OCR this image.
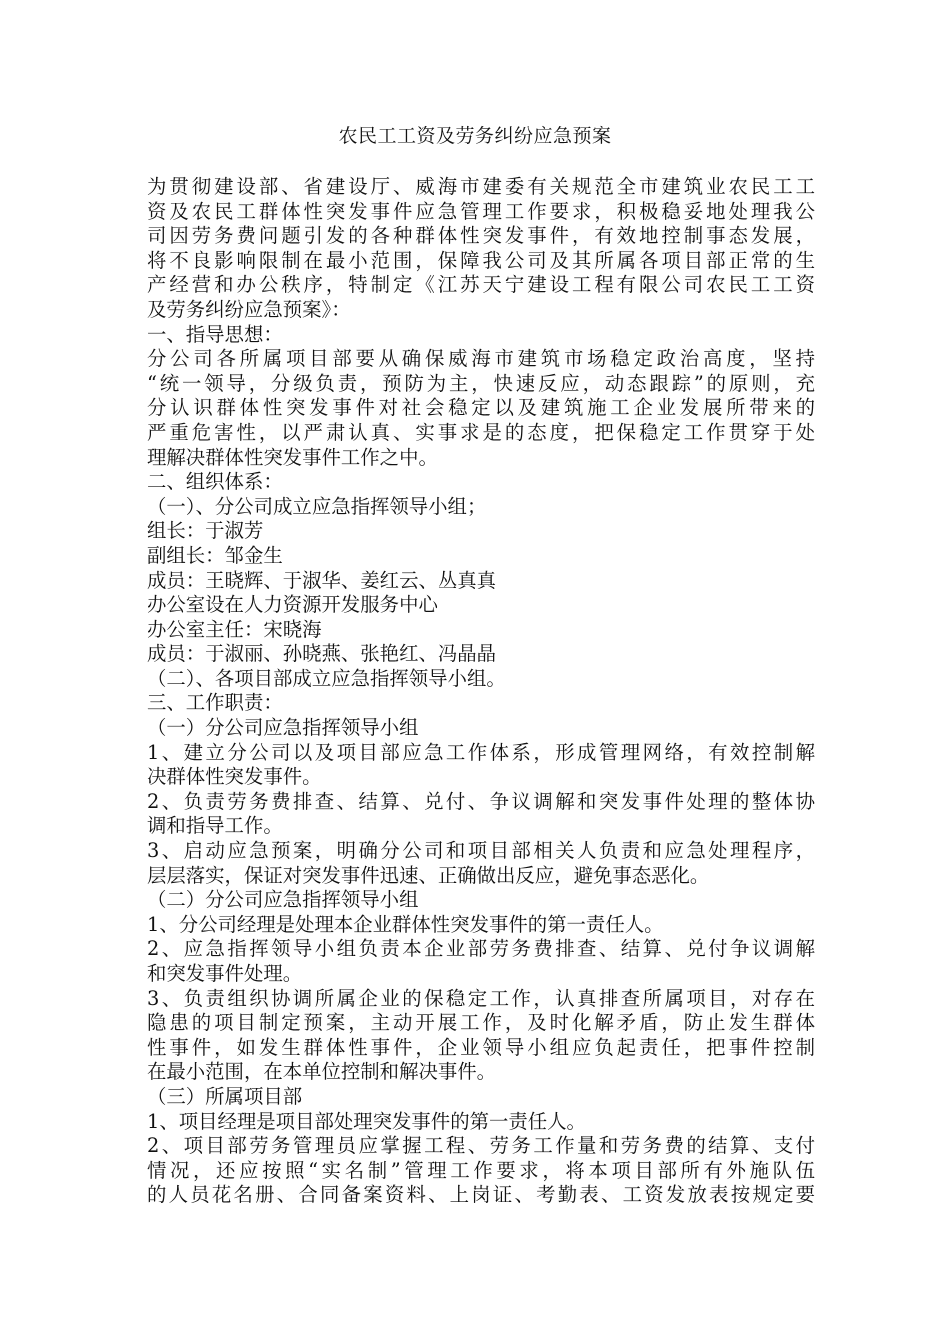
农民工工资及劳务纠纷应急预案
为贯彻建设部、省建设厅、威海市建委有关规范全市建筑业农民工工
资及农民工群体性突发事件应急管理工作要求，积极稳妥地处理我公
司因劳务费问题引发的各种群体性突发事件，有效地控制事态发展，
将不良影响限制在最小范围，保障我公司及其所属各项目部正常的生
产经营和办公秩序，特制定《江苏天宁建设工程有限公司农民工工资
及劳务纠纷应急预案》：
一、指导思想：
分公司各所属项目部要从确保威海市建筑市场稳定政治高度，坚持
“统一领导，分级负责，预防为主，快速反应，动态跟踪”的原则，充
分认识群体性突发事件对社会稳定以及建筑施工企业发展所带来的
严重危害性，以严肃认真、实事求是的态度，把保稳定工作贯穿于处
理解决群体性突发事件工作之中。
二、组织体系：
（一）、分公司成立应急指挥领导小组；
组长：于淑芳
副组长：邹金生
成员：王晓辉、于淑华、姜红云、丛真真
办公室设在人力资源开发服务中心
办公室主任：宋晓海
成员：于淑丽、孙晓燕、张艳红、冯晶晶
（二）、各项目部成立应急指挥领导小组。
三、工作职责：
（一）分公司应急指挥领导小组
1、建立分公司以及项目部应急工作体系，形成管理网络，有效控制解
决群体性突发事件。
2、负责劳务费排查、结算、兑付、争议调解和突发事件处理的整体协
调和指导工作。
3、启动应急预案，明确分公司和项目部相关人负责和应急处理程序，
层层落实，保证对突发事件迅速、正确做出反应，避免事态恶化。
（二）分公司应急指挥领导小组
1、分公司经理是处理本企业群体性突发事件的第一责任人。
2、应急指挥领导小组负责本企业部劳务费排查、结算、兑付争议调解
和突发事件处理。
3、负责组织协调所属企业的保稳定工作，认真排查所属项目，对存在
隐患的项目制定预案，主动开展工作，及时化解矛盾，防止发生群体
性事件，如发生群体性事件，企业领导小组应负起责任，把事件控制
在最小范围，在本单位控制和解决事件。
（三）所属项目部
1、项目经理是项目部处理突发事件的第一责任人。
2、项目部劳务管理员应掌握工程、劳务工作量和劳务费的结算、支付
情况，还应按照“实名制”管理工作要求，将本项目部所有外施队伍
的人员花名册、合同备案资料、上岗证、考勤表、工资发放表按规定要
